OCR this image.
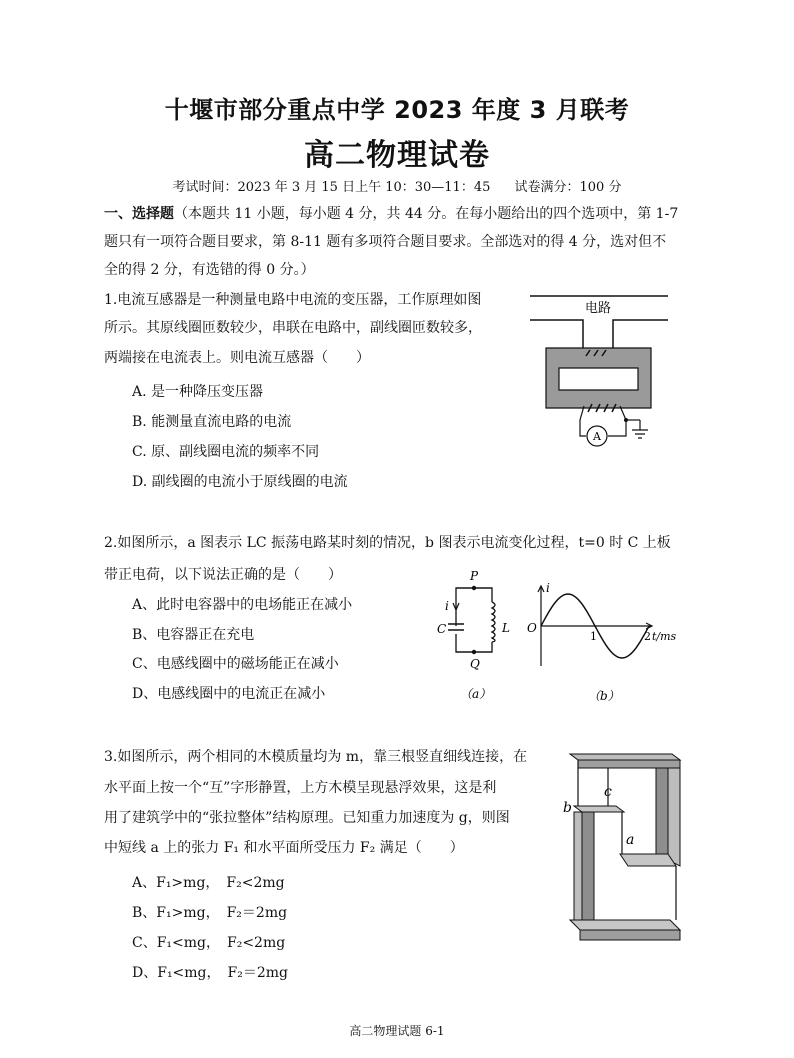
十堰市部分重点中学 2023 年度 3 月联考
高二物理试卷
考试时间：2023 年 3 月 15 日上午 10：30—11：45 试卷满分：100 分

一、选择题（本题共 11 小题，每小题 4 分，共 44 分。在每小题给出的四个选项中，第 1-7

题只有一项符合题目要求，第 8-11 题有多项符合题目要求。全部选对的得 4 分，选对但不

全的得 2 分，有选错的得 0 分。）

1.电流互感器是一种测量电路中电流的变压器，工作原理如图

所示。其原线圈匝数较少，串联在电路中，副线圈匝数较多，

两端接在电流表上。则电流互感器（　　）

A. 是一种降压变压器

B. 能测量直流电路的电流

C. 原、副线圈电流的频率不同

D. 副线圈的电流小于原线圈的电流

电路
A

2.如图所示，a 图表示 LC 振荡电路某时刻的情况，b 图表示电流变化过程，t=0 时 C 上板

带正电荷，以下说法正确的是（　　）

A、此时电容器中的电场能正在减小

B、电容器正在充电

C、电感线圈中的磁场能正在减小

D、电感线圈中的电流正在减小

P
Q
i
C	L
（a）
i
O
1	2 t/ms
（b）

3.如图所示，两个相同的木模质量均为 m，靠三根竖直细线连接，在

水平面上按一个“互”字形静置，上方木模呈现悬浮效果，这是利

用了建筑学中的“张拉整体”结构原理。已知重力加速度为 g，则图

中短线 a 上的张力 F₁ 和水平面所受压力 F₂ 满足（　　）

A、F₁>mg，　F₂<2mg

B、F₁>mg，　F₂＝2mg

C、F₁<mg，　F₂<2mg

D、F₁<mg，　F₂＝2mg

b
c
a
高二物理试题 6-1
